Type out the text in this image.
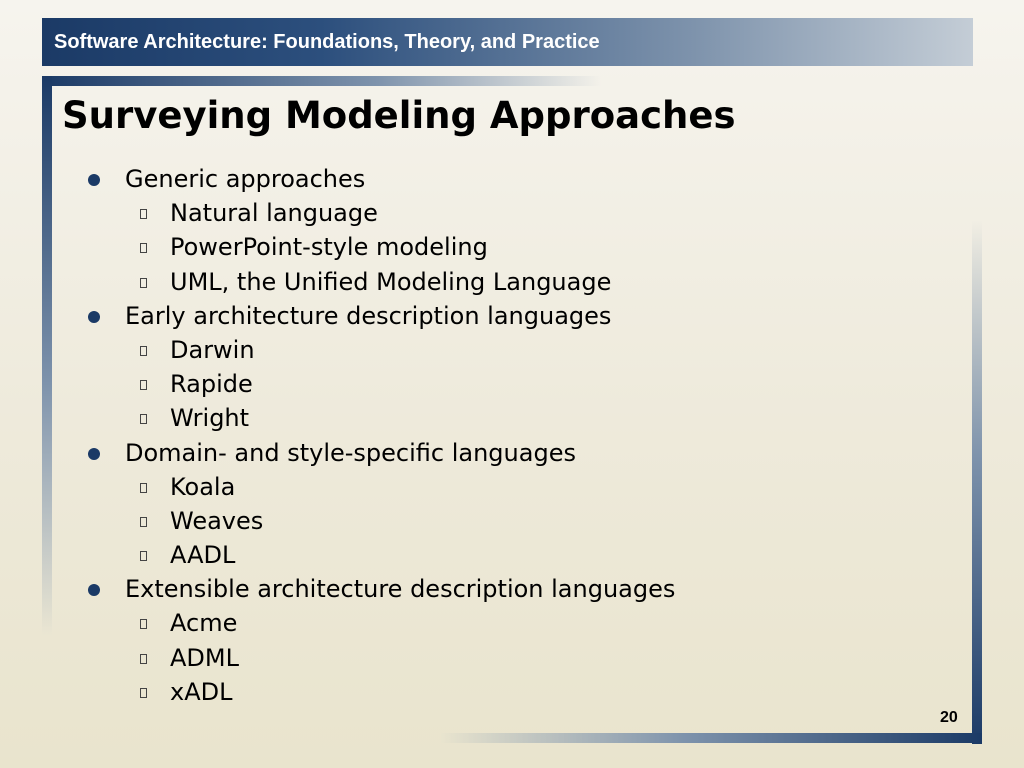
Software Architecture: Foundations, Theory, and Practice
Surveying Modeling Approaches
Generic approaches
Natural language
PowerPoint-style modeling
UML, the Unified Modeling Language
Early architecture description languages
Darwin
Rapide
Wright
Domain- and style-specific languages
Koala
Weaves
AADL
Extensible architecture description languages
Acme
ADML
xADL
20
